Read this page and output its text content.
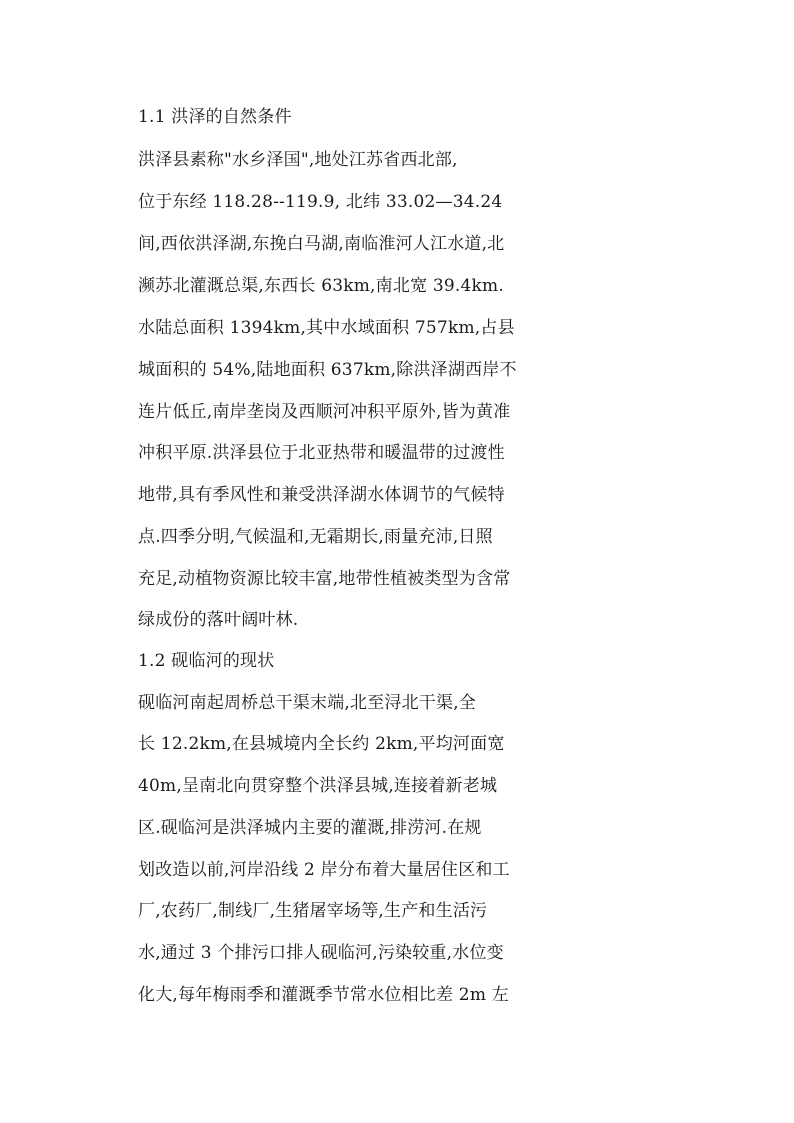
1.1 洪泽的自然条件
洪泽县素称"水乡泽国",地处江苏省西北部,
位于东经 118.28--119.9, 北纬 33.02—34.24
间,西依洪泽湖,东挽白马湖,南临淮河人江水道,北
濒苏北灌溉总渠,东西长 63km,南北宽 39.4km.
水陆总面积 1394km,其中水域面积 757km,占县
城面积的 54%,陆地面积 637km,除洪泽湖西岸不
连片低丘,南岸垄岗及西顺河冲积平原外,皆为黄准
冲积平原.洪泽县位于北亚热带和暖温带的过渡性
地带,具有季风性和兼受洪泽湖水体调节的气候特
点.四季分明,气候温和,无霜期长,雨量充沛,日照
充足,动植物资源比较丰富,地带性植被类型为含常
绿成份的落叶阔叶林.
1.2 砚临河的现状
砚临河南起周桥总干渠末端,北至浔北干渠,全
长 12.2km,在县城境内全长约 2km,平均河面宽
40m,呈南北向贯穿整个洪泽县城,连接着新老城
区.砚临河是洪泽城内主要的灌溉,排涝河.在规
划改造以前,河岸沿线 2 岸分布着大量居住区和工
厂,农药厂,制线厂,生猪屠宰场等,生产和生活污
水,通过 3 个排污口排人砚临河,污染较重,水位变
化大,每年梅雨季和灌溉季节常水位相比差 2m 左
